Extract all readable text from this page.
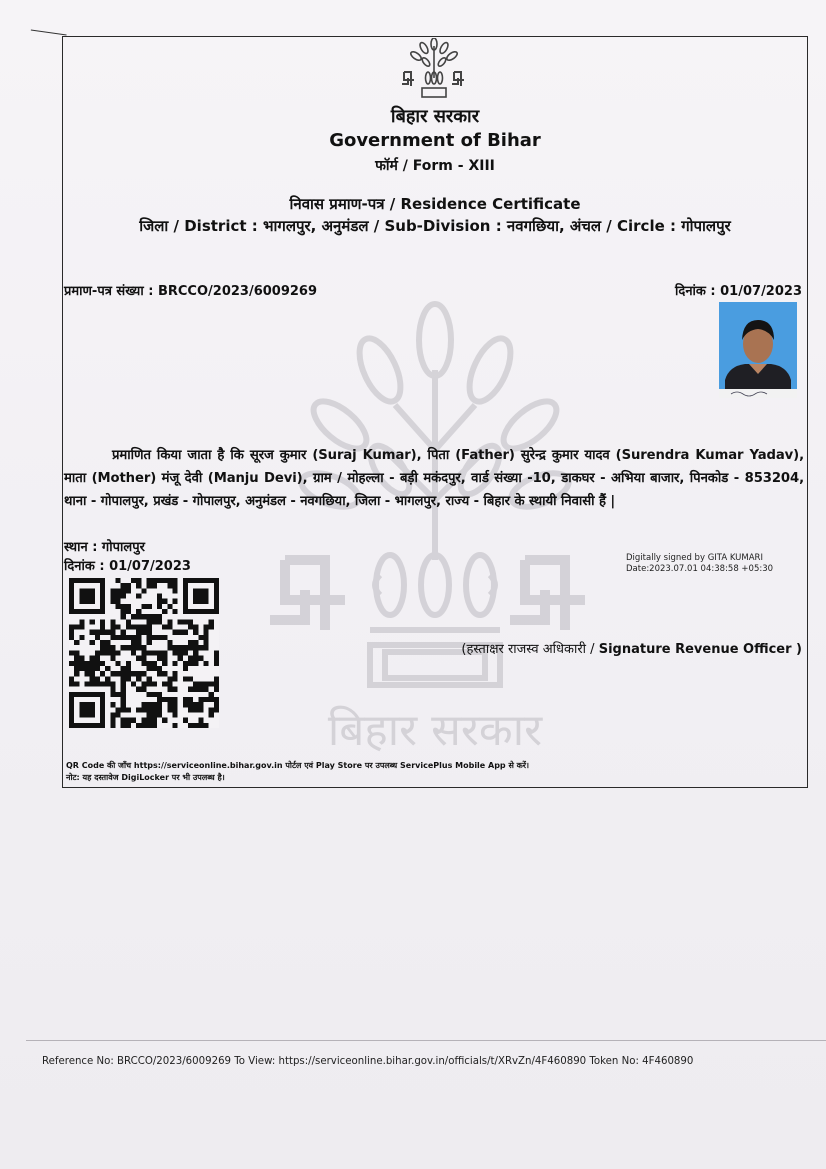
बिहार सरकार
बिहार सरकार
Government of Bihar
फॉर्म / Form - XIII
निवास प्रमाण-पत्र / Residence Certificate
जिला / District : भागलपुर, अनुमंडल / Sub-Division : नवगछिया, अंचल / Circle : गोपालपुर
प्रमाण-पत्र संख्या : BRCCO/2023/6009269	दिनांक : 01/07/2023
प्रमाणित किया जाता है कि सूरज कुमार (Suraj Kumar), पिता (Father) सुरेन्द्र कुमार यादव (Surendra Kumar Yadav), माता (Mother) मंजू देवी (Manju Devi), ग्राम / मोहल्ला - बड़ी मकंदपुर, वार्ड संख्या -10, डाकघर - अभिया बाजार, पिनकोड - 853204, थाना - गोपालपुर, प्रखंड - गोपालपुर, अनुमंडल - नवगछिया, जिला - भागलपुर, राज्य - बिहार के स्थायी निवासी हैं |
स्थान : गोपालपुर
दिनांक : 01/07/2023
Digitally signed by GITA KUMARI
Date:2023.07.01 04:38:58 +05:30
(हस्ताक्षर राजस्व अधिकारी / Signature Revenue Officer )
QR Code की जाँच https://serviceonline.bihar.gov.in पोर्टल एवं Play Store पर उपलब्ध ServicePlus Mobile App से करें।
नोट: यह दस्तावेज DigiLocker पर भी उपलब्ध है।
Reference No: BRCCO/2023/6009269 To View: https://serviceonline.bihar.gov.in/officials/t/XRvZn/4F460890 Token No: 4F460890
